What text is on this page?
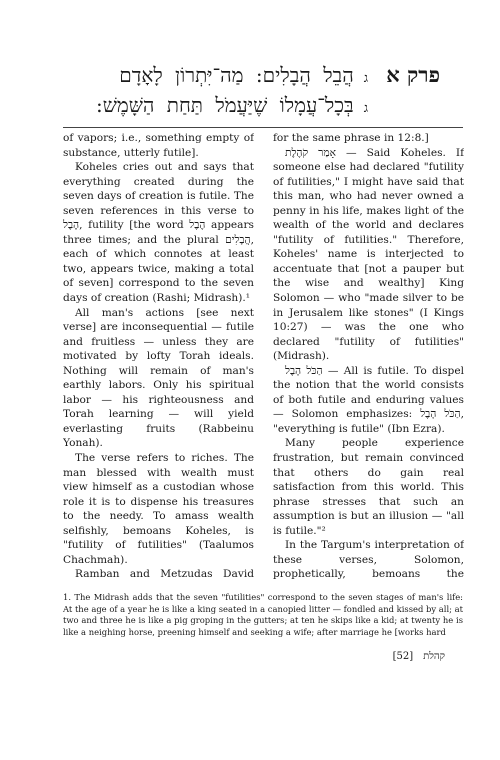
פרק א
ג
הֲבֵל הֲבָלִים: מַה־יִּתְרוֹן לָאָדָם
ג
בְּכָל־עֲמָלוֹ שֶׁיַּעֲמֹל תַּחַת הַשָּׁמֶשׁ:

of vapors; i.e., something empty of substance, utterly futile].

Koheles cries out and says that everything created during the seven days of creation is futile. The seven references in this verse to הֶבֶל, futility [the word הֶבֶל appears three times; and the plural הֲבָלִים, each of which connotes at least two, appears twice, making a total of seven] correspond to the seven days of creation (Rashi; Midrash).¹

All man's actions [see next verse] are inconsequential — futile and fruitless — unless they are motivated by lofty Torah ideals. Nothing will remain of man's earthly labors. Only his spiritual labor — his righteousness and Torah learning — will yield everlasting fruits (Rabbeinu Yonah).

The verse refers to riches. The man blessed with wealth must view himself as a custodian whose role it is to dispense his treasures to the needy. To amass wealth selfishly, bemoans Koheles, is "futility of futilities" (Taalumos Chachmah).

Ramban and Metzudas David

for the same phrase in 12:8.]

אָמַר קֹהֶלֶת — Said Koheles. If someone else had declared "futility of futilities," I might have said that this man, who had never owned a penny in his life, makes light of the wealth of the world and declares "futility of futilities." Therefore, Koheles' name is interjected to accentuate that [not a pauper but the wise and wealthy] King Solomon — who "made silver to be in Jerusalem like stones" (I Kings 10:27) — was the one who declared "futility of futilities" (Midrash).

הַכֹּל הָבֶל — All is futile. To dispel the notion that the world consists of both futile and enduring values — Solomon emphasizes: הַכֹּל הָבֶל, "everything is futile" (Ibn Ezra).

Many people experience frustration, but remain convinced that others do gain real satisfaction from this world. This phrase stresses that such an assumption is but an illusion — "all is futile."²

In the Targum's interpretation of these verses, Solomon, prophetically, bemoans the

1. The Midrash adds that the seven "futilities" correspond to the seven stages of man's life: At the age of a year he is like a king seated in a canopied litter — fondled and kissed by all; at two and three he is like a pig groping in the gutters; at ten he skips like a kid; at twenty he is like a neighing horse, preening himself and seeking a wife; after marriage he [works hard

[52] קהלת
